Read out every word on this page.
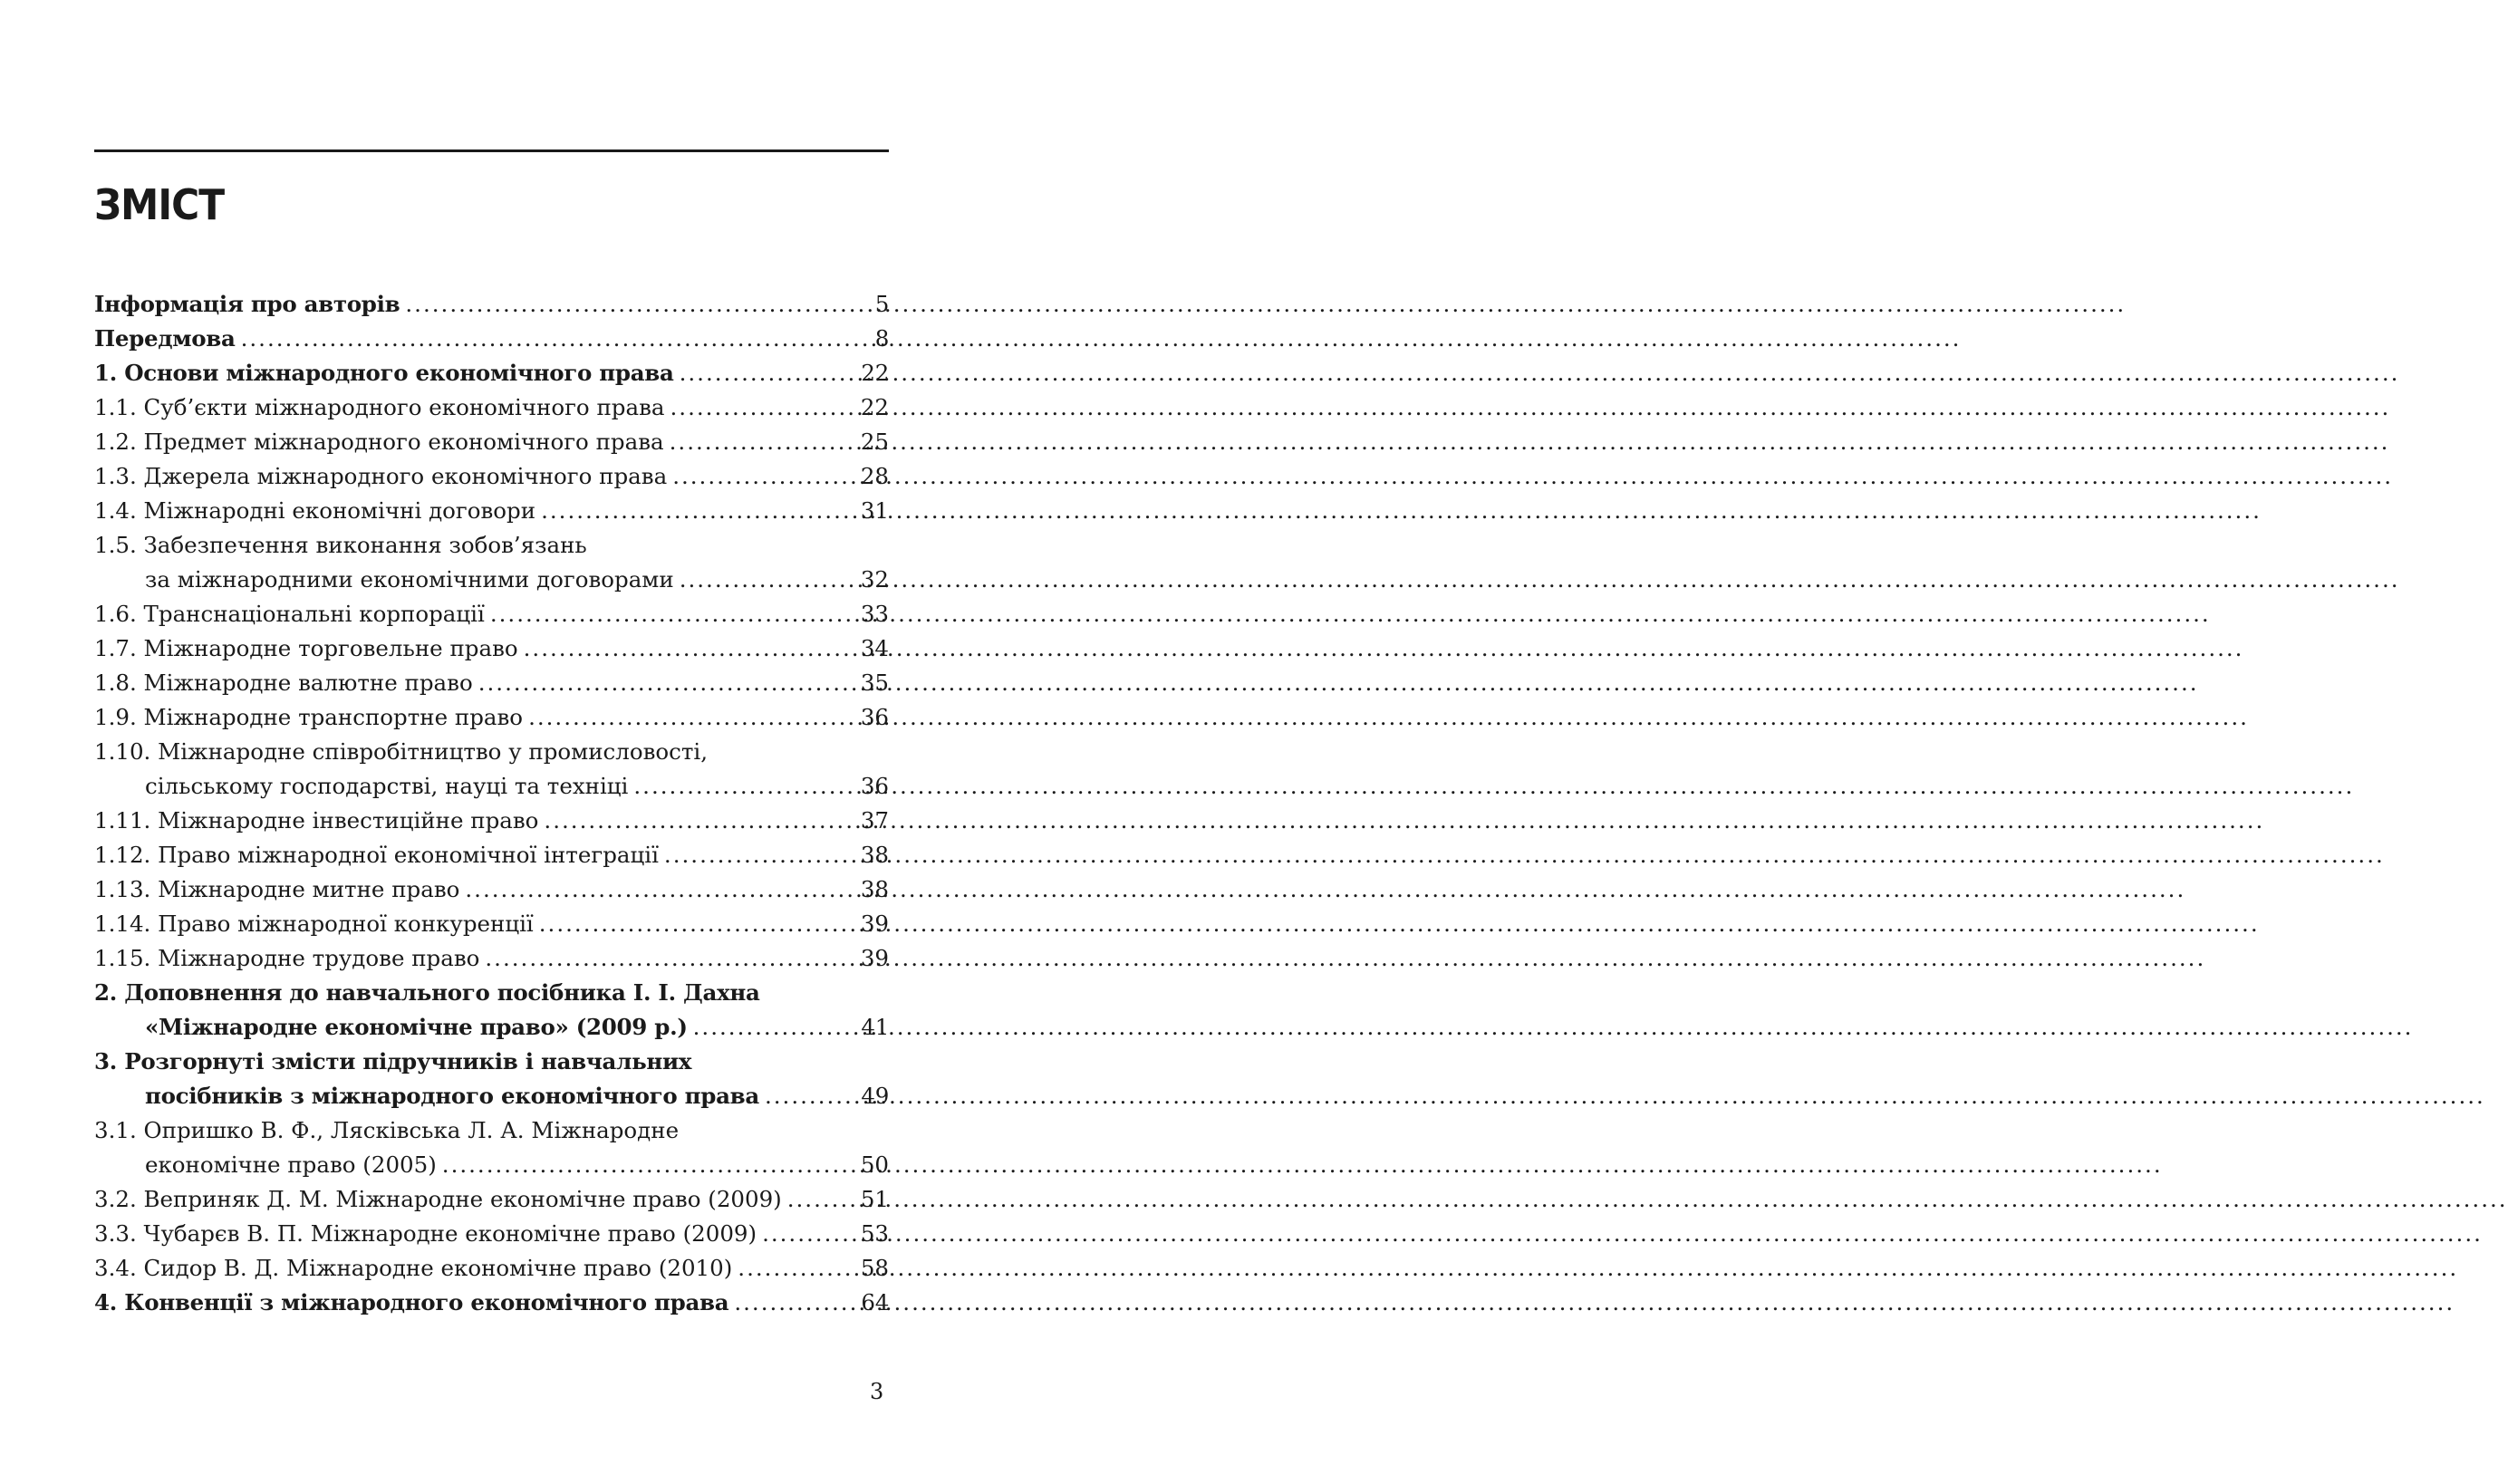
ЗМІСТ
Інформація про авторів .....	5
Передмова .....	8
1. Основи міжнародного економічного права .....	22
1.1. Суб’єкти міжнародного економічного права .....	22
1.2. Предмет міжнародного економічного права .....	25
1.3. Джерела міжнародного економічного права .....	28
1.4. Міжнародні економічні договори .....	31
1.5. Забезпечення виконання зобов’язань
за міжнародними економічними договорами .....	32
1.6. Транснаціональні корпорації .....	33
1.7. Міжнародне торговельне право .....	34
1.8. Міжнародне валютне право .....	35
1.9. Міжнародне транспортне право .....	36
1.10. Міжнародне співробітництво у промисловості,
сільському господарстві, науці та техніці .....	36
1.11. Міжнародне інвестиційне право .....	37
1.12. Право міжнародної економічної інтеграції .....	38
1.13. Міжнародне митне право .....	38
1.14. Право міжнародної конкуренції .....	39
1.15. Міжнародне трудове право .....	39
2. Доповнення до навчального посібника І. І. Дахна
«Міжнародне економічне право» (2009 р.) .....	41
3. Розгорнуті змісти підручників і навчальних
посібників з міжнародного економічного права .....	49
3.1. Опришко В. Ф., Лясківська Л. А. Міжнародне
економічне право (2005) .....	50
3.2. Веприняк Д. М. Міжнародне економічне право (2009) .....	51
3.3. Чубарєв В. П. Міжнародне економічне право (2009) .....	53
3.4. Сидор В. Д. Міжнародне економічне право (2010) .....	58
4. Конвенції з міжнародного економічного права .....	64
3
